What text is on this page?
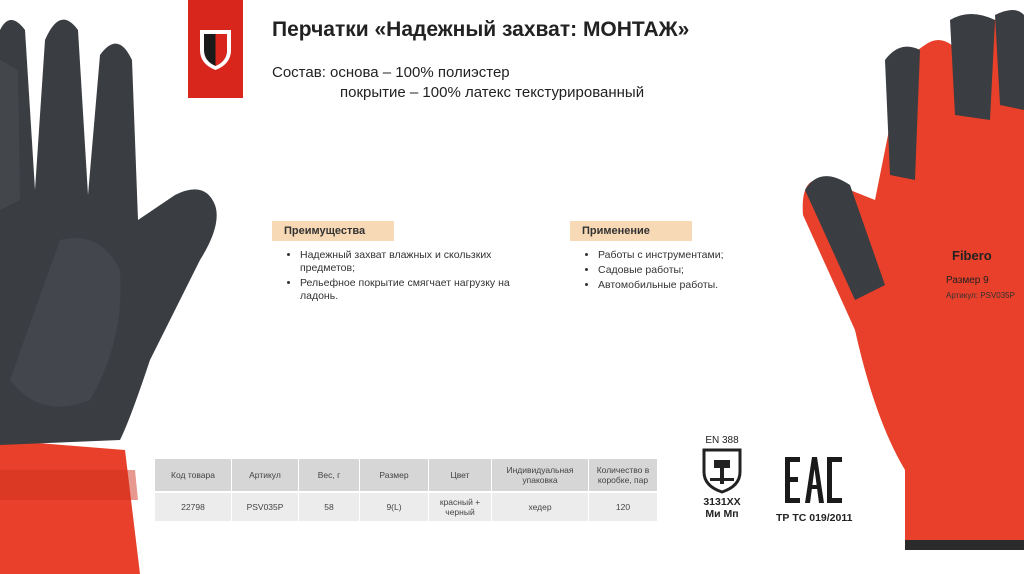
Перчатки «Надежный захват: МОНТАЖ»
Состав: основа – 100% полиэстер
покрытие – 100% латекс текстурированный
Преимущества
• Надежный захват влажных и скользких предметов;
• Рельефное покрытие смягчает нагрузку на ладонь.
Применение
• Работы с инструментами;
• Садовые работы;
• Автомобильные работы.
Код товара	Артикул	Вес, г	Размер	Цвет	Индивидуальная упаковка	Количество в коробке, пар
22798	PSV035P	58	9(L)	красный + черный	хедер	120
EN 388
3131XX
Ми Мп	ТР ТС 019/2011
Fibero
Размер 9
Артикул: PSV035P
